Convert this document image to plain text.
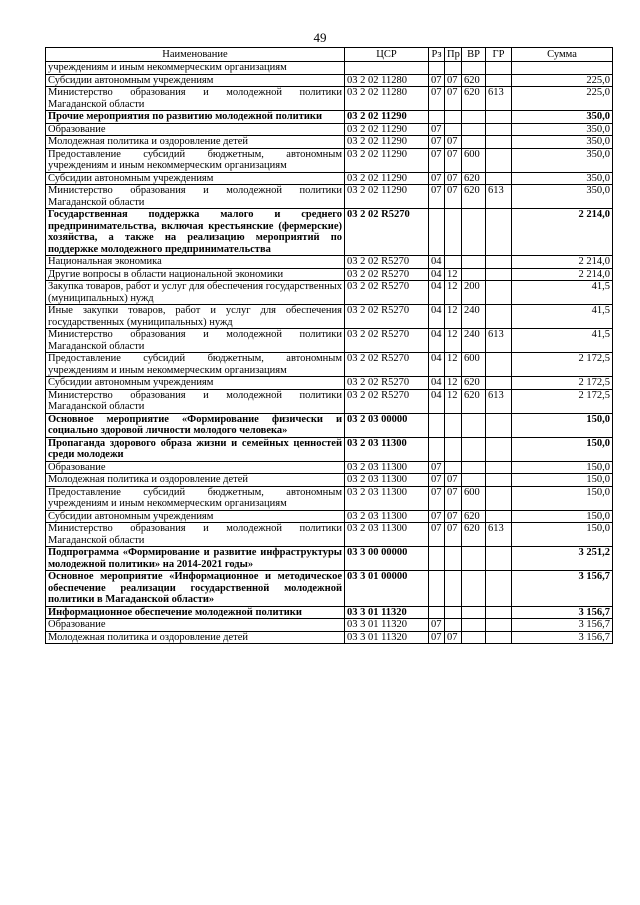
49
Наименование	ЦСР	Рз	Пр	ВР	ГР	Сумма
учреждениям и иным некоммерческим организациям						
Субсидии автономным учреждениям	03 2 02 11280	07	07	620		225,0
Министерство образования и молодежной политики Магаданской области	03 2 02 11280	07	07	620	613	225,0
Прочие мероприятия по развитию молодежной политики	03 2 02 11290					350,0
Образование	03 2 02 11290	07				350,0
Молодежная политика и оздоровление детей	03 2 02 11290	07	07			350,0
Предоставление субсидий бюджетным, автономным учреждениям и иным некоммерческим организациям	03 2 02 11290	07	07	600		350,0
Субсидии автономным учреждениям	03 2 02 11290	07	07	620		350,0
Министерство образования и молодежной политики Магаданской области	03 2 02 11290	07	07	620	613	350,0
Государственная поддержка малого и среднего предпринимательства, включая крестьянские (фермерские) хозяйства, а также на реализацию мероприятий по поддержке молодежного предпринимательства	03 2 02 R5270					2 214,0
Национальная экономика	03 2 02 R5270	04				2 214,0
Другие вопросы в области национальной экономики	03 2 02 R5270	04	12			2 214,0
Закупка товаров, работ и услуг для обеспечения государственных (муниципальных) нужд	03 2 02 R5270	04	12	200		41,5
Иные закупки товаров, работ и услуг для обеспечения государственных (муниципальных) нужд	03 2 02 R5270	04	12	240		41,5
Министерство образования и молодежной политики Магаданской области	03 2 02 R5270	04	12	240	613	41,5
Предоставление субсидий бюджетным, автономным учреждениям и иным некоммерческим организациям	03 2 02 R5270	04	12	600		2 172,5
Субсидии автономным учреждениям	03 2 02 R5270	04	12	620		2 172,5
Министерство образования и молодежной политики Магаданской области	03 2 02 R5270	04	12	620	613	2 172,5
Основное мероприятие «Формирование физически и социально здоровой личности молодого человека»	03 2 03 00000					150,0
Пропаганда здорового образа жизни и семейных ценностей среди молодежи	03 2 03 11300					150,0
Образование	03 2 03 11300	07				150,0
Молодежная политика и оздоровление детей	03 2 03 11300	07	07			150,0
Предоставление субсидий бюджетным, автономным учреждениям и иным некоммерческим организациям	03 2 03 11300	07	07	600		150,0
Субсидии автономным учреждениям	03 2 03 11300	07	07	620		150,0
Министерство образования и молодежной политики Магаданской области	03 2 03 11300	07	07	620	613	150,0
Подпрограмма «Формирование и развитие инфраструктуры молодежной политики» на 2014-2021 годы»	03 3 00 00000					3 251,2
Основное мероприятие «Информационное и методическое обеспечение реализации государственной молодежной политики в Магаданской области»	03 3 01 00000					3 156,7
Информационное обеспечение молодежной политики	03 3 01 11320					3 156,7
Образование	03 3 01 11320	07				3 156,7
Молодежная политика и оздоровление детей	03 3 01 11320	07	07			3 156,7
